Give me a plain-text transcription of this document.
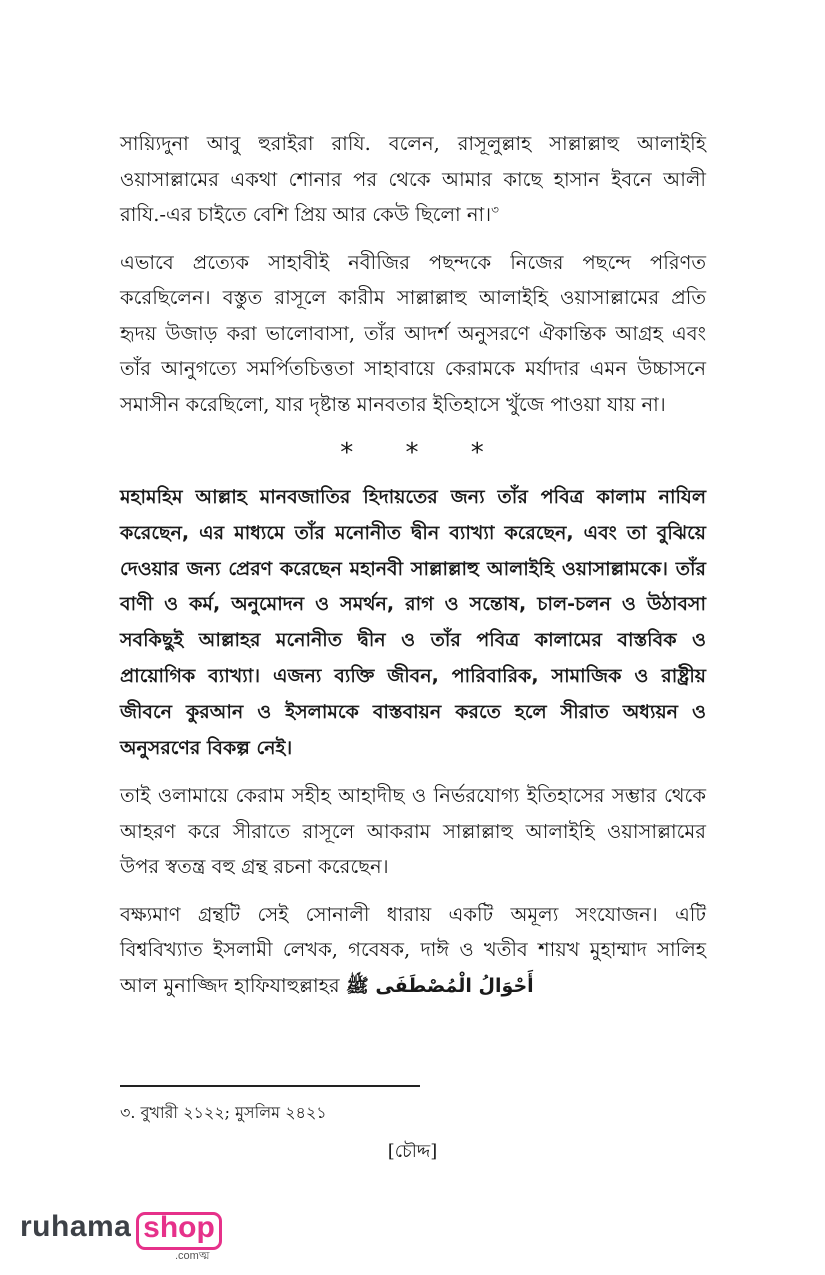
সায়্যিদুনা আবু হুরাইরা রাযি. বলেন, রাসূলুল্লাহ সাল্লাল্লাহু আলাইহি ওয়াসাল্লামের একথা শোনার পর থেকে আমার কাছে হাসান ইবনে আলী রাযি.-এর চাইতে বেশি প্রিয় আর কেউ ছিলো না।$^৩$

এভাবে প্রত্যেক সাহাবীই নবীজির পছন্দকে নিজের পছন্দে পরিণত করেছিলেন। বস্তুত রাসূলে কারীম সাল্লাল্লাহু আলাইহি ওয়াসাল্লামের প্রতি হৃদয় উজাড় করা ভালোবাসা, তাঁর আদর্শ অনুসরণে ঐকান্তিক আগ্রহ এবং তাঁর আনুগত্যে সমর্পিতচিত্ততা সাহাবায়ে কেরামকে মর্যাদার এমন উচ্চাসনে সমাসীন করেছিলো, যার দৃষ্টান্ত মানবতার ইতিহাসে খুঁজে পাওয়া যায় না।

* * *

মহামহিম আল্লাহ মানবজাতির হিদায়তের জন্য তাঁর পবিত্র কালাম নাযিল করেছেন, এর মাধ্যমে তাঁর মনোনীত দ্বীন ব্যাখ্যা করেছেন, এবং তা বুঝিয়ে দেওয়ার জন্য প্রেরণ করেছেন মহানবী সাল্লাল্লাহু আলাইহি ওয়াসাল্লামকে। তাঁর বাণী ও কর্ম, অনুমোদন ও সমর্থন, রাগ ও সন্তোষ, চাল-চলন ও উঠাবসা সবকিছুই আল্লাহর মনোনীত দ্বীন ও তাঁর পবিত্র কালামের বাস্তবিক ও প্রায়োগিক ব্যাখ্যা। এজন্য ব্যক্তি জীবন, পারিবারিক, সামাজিক ও রাষ্ট্রীয় জীবনে কুরআন ও ইসলামকে বাস্তবায়ন করতে হলে সীরাত অধ্যয়ন ও অনুসরণের বিকল্প নেই।

তাই ওলামায়ে কেরাম সহীহ আহাদীছ ও নির্ভরযোগ্য ইতিহাসের সম্ভার থেকে আহরণ করে সীরাতে রাসূলে আকরাম সাল্লাল্লাহু আলাইহি ওয়াসাল্লামের উপর স্বতন্ত্র বহু গ্রন্থ রচনা করেছেন।

বক্ষ্যমাণ গ্রন্থটি সেই সোনালী ধারায় একটি অমূল্য সংযোজন। এটি বিশ্ববিখ্যাত ইসলামী লেখক, গবেষক, দাঈ ও খতীব শায়খ মুহাম্মাদ সালিহ আল মুনাজ্জিদ হাফিযাহুল্লাহর أَحْوَالُ الْمُصْطَفَى ﷺ

৩. বুখারী ২১২২; মুসলিম ২৪২১
[চৌদ্দ]
ruhama shop
.comত্ম
